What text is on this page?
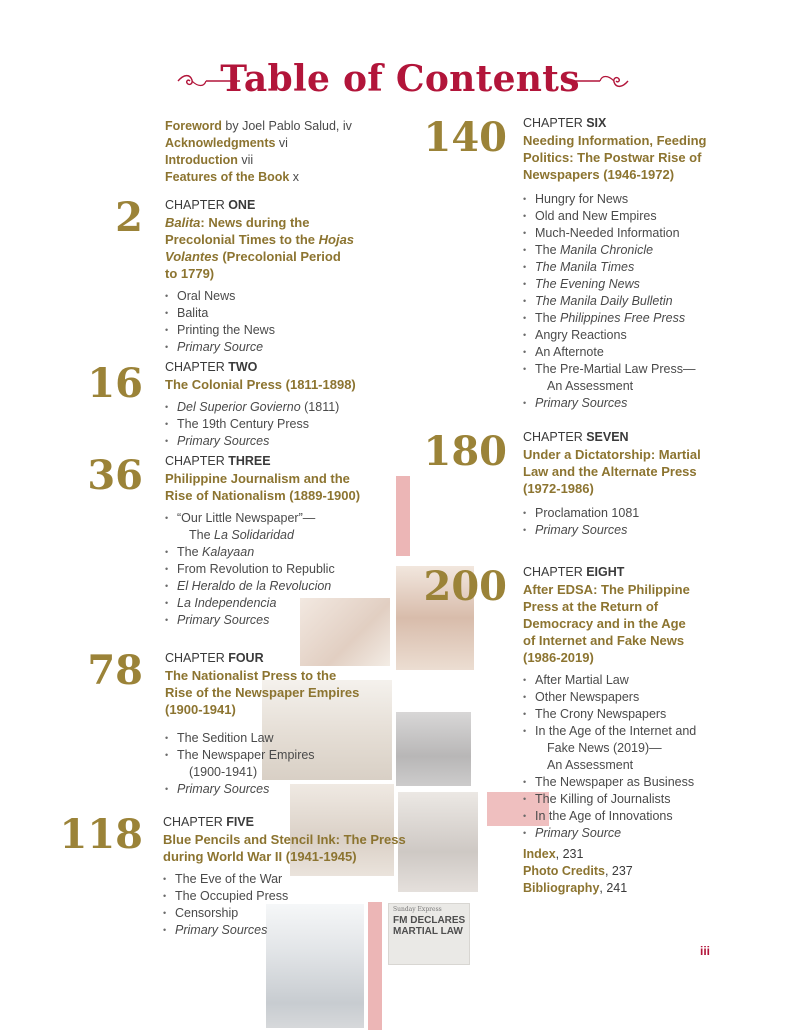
Sunday Express
FM DECLARES
MARTIAL LAW
Table of Contents
Foreword by Joel Pablo Salud, iv
Acknowledgments vi
Introduction vii
Features of the Book x
2 CHAPTER ONE
Balita: News during the
Precolonial Times to the Hojas
Volantes (Precolonial Period
to 1779)
• Oral News
• Balita
• Printing the News
• Primary Source
16 CHAPTER TWO
The Colonial Press (1811-1898)
• Del Superior Govierno (1811)
• The 19th Century Press
• Primary Sources
36 CHAPTER THREE
Philippine Journalism and the
Rise of Nationalism (1889-1900)
• “Our Little Newspaper”—
The La Solidaridad
• The Kalayaan
• From Revolution to Republic
• El Heraldo de la Revolucion
• La Independencia
• Primary Sources
78 CHAPTER FOUR
The Nationalist Press to the
Rise of the Newspaper Empires
(1900-1941)
• The Sedition Law
• The Newspaper Empires
(1900-1941)
• Primary Sources
118 CHAPTER FIVE
Blue Pencils and Stencil Ink: The Press
during World War II (1941-1945)
• The Eve of the War
• The Occupied Press
• Censorship
• Primary Sources
140 CHAPTER SIX
Needing Information, Feeding
Politics: The Postwar Rise of
Newspapers (1946-1972)
• Hungry for News
• Old and New Empires
• Much-Needed Information
• The Manila Chronicle
• The Manila Times
• The Evening News
• The Manila Daily Bulletin
• The Philippines Free Press
• Angry Reactions
• An Afternote
• The Pre-Martial Law Press—
An Assessment
• Primary Sources
180 CHAPTER SEVEN
Under a Dictatorship: Martial
Law and the Alternate Press
(1972-1986)
• Proclamation 1081
• Primary Sources
200 CHAPTER EIGHT
After EDSA: The Philippine
Press at the Return of
Democracy and in the Age
of Internet and Fake News
(1986-2019)
• After Martial Law
• Other Newspapers
• The Crony Newspapers
• In the Age of the Internet and
Fake News (2019)—
An Assessment
• The Newspaper as Business
• The Killing of Journalists
• In the Age of Innovations
• Primary Source
Index, 231
Photo Credits, 237
Bibliography, 241
iii
